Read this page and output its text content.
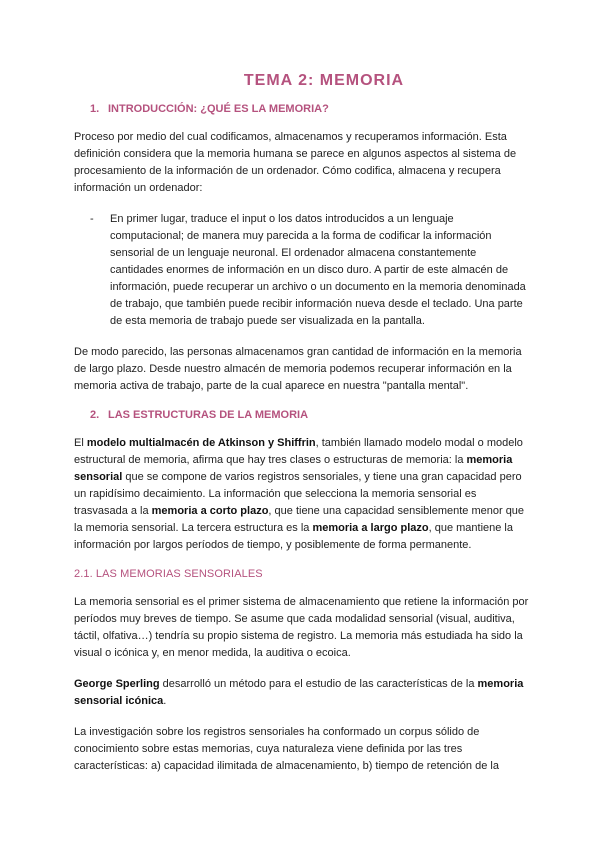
TEMA 2: MEMORIA
1. INTRODUCCIÓN: ¿QUÉ ES LA MEMORIA?

Proceso por medio del cual codificamos, almacenamos y recuperamos información. Esta definición considera que la memoria humana se parece en algunos aspectos al sistema de procesamiento de la información de un ordenador. Cómo codifica, almacena y recupera información un ordenador:

-	En primer lugar, traduce el input o los datos introducidos a un lenguaje computacional; de manera muy parecida a la forma de codificar la información sensorial de un lenguaje neuronal. El ordenador almacena constantemente cantidades enormes de información en un disco duro. A partir de este almacén de información, puede recuperar un archivo o un documento en la memoria denominada de trabajo, que también puede recibir información nueva desde el teclado. Una parte de esta memoria de trabajo puede ser visualizada en la pantalla.

De modo parecido, las personas almacenamos gran cantidad de información en la memoria de largo plazo. Desde nuestro almacén de memoria podemos recuperar información en la memoria activa de trabajo, parte de la cual aparece en nuestra "pantalla mental".

2. LAS ESTRUCTURAS DE LA MEMORIA

El modelo multialmacén de Atkinson y Shiffrin, también llamado modelo modal o modelo estructural de memoria, afirma que hay tres clases o estructuras de memoria: la memoria sensorial que se compone de varios registros sensoriales, y tiene una gran capacidad pero un rapidísimo decaimiento. La información que selecciona la memoria sensorial es trasvasada a la memoria a corto plazo, que tiene una capacidad sensiblemente menor que la memoria sensorial. La tercera estructura es la memoria a largo plazo, que mantiene la información por largos períodos de tiempo, y posiblemente de forma permanente.

2.1. LAS MEMORIAS SENSORIALES

La memoria sensorial es el primer sistema de almacenamiento que retiene la información por períodos muy breves de tiempo. Se asume que cada modalidad sensorial (visual, auditiva, táctil, olfativa…) tendría su propio sistema de registro. La memoria más estudiada ha sido la visual o icónica y, en menor medida, la auditiva o ecoica.

George Sperling desarrolló un método para el estudio de las características de la memoria sensorial icónica.

La investigación sobre los registros sensoriales ha conformado un corpus sólido de conocimiento sobre estas memorias, cuya naturaleza viene definida por las tres características: a) capacidad ilimitada de almacenamiento, b) tiempo de retención de la
